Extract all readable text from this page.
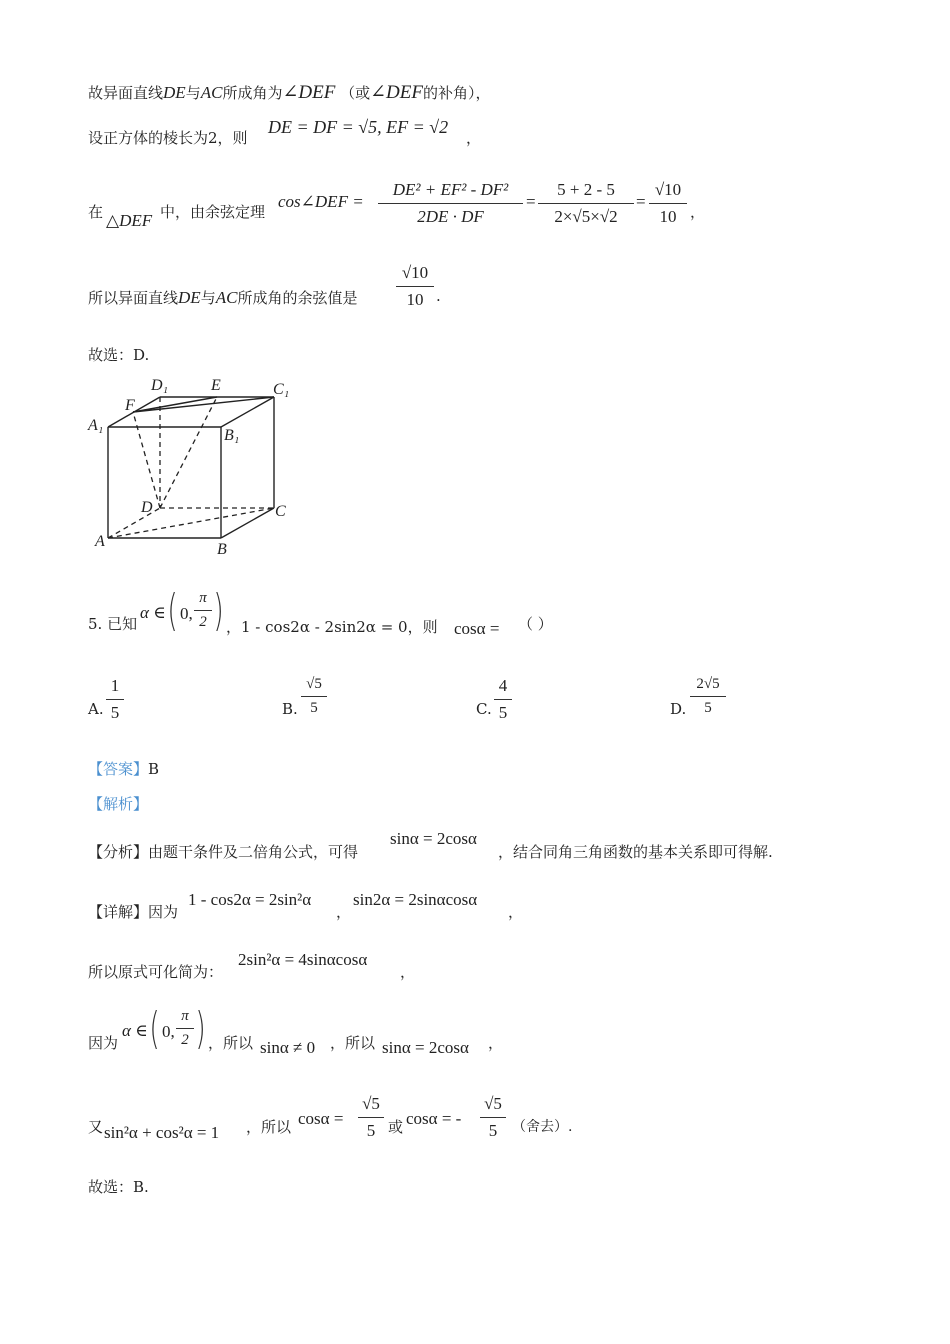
故异面直线DE与AC所成角为∠DEF （或∠DEF的补角），
设正方体的棱长为2，则
DE = DF = √5, EF = √2
，
在 △DEF 中，由余弦定理
cos∠DEF = $\frac{\text{DE² + EF² - DF²}}{2DE \cdot DF} = \frac{5 + 2 - 5}{2\times√5\times√2} = \frac{√10}{10}$ ，
所以异面直线DE与AC所成角的余弦值是 $\frac{√10}{10}$ .
故选：D.
D₁	E	C₁
F
A₁
B₁
D	C
A	B
5. 已知
α ∈ ( 0, $\frac{\pi}{2}$ ) ，1 - cos2α - 2sin2α = 0，则 cosα = （ ）
A. $\frac{1}{5}$	B. $\frac{√5}{5}$	C. $\frac{4}{5}$	D. $\frac{2√5}{5}$
【答案】B
【解析】
【分析】由题干条件及二倍角公式，可得
sinα = 2cosα
，结合同角三角函数的基本关系即可得解.
【详解】因为
1 - cos2α = 2sin²α
，
sin2α = 2sinαcosα
，
所以原式可化简为：
2sin²α = 4sinαcosα
，
因为
α ∈ ( 0, $\frac{\pi}{2}$ ) ，所以 sinα ≠ 0 ，所以 sinα = 2cosα ，
又 sin²α + cos²α = 1 ，所以 $\cos\alpha = \frac{√5}{5}$ 或 cosα = - $\frac{√5}{5}$ （舍去）.
故选：B.
